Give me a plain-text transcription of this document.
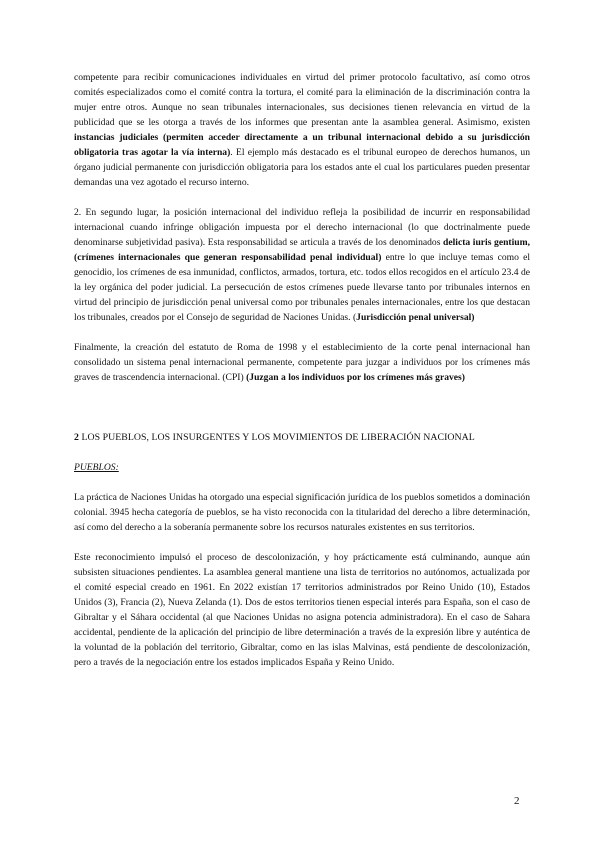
competente para recibir comunicaciones individuales en virtud del primer protocolo facultativo, así como otros comités especializados como el comité contra la tortura, el comité para la eliminación de la discriminación contra la mujer entre otros. Aunque no sean tribunales internacionales, sus decisiones tienen relevancia en virtud de la publicidad que se les otorga a través de los informes que presentan ante la asamblea general. Asimismo, existen instancias judiciales (permiten acceder directamente a un tribunal internacional debido a su jurisdicción obligatoria tras agotar la vía interna). El ejemplo más destacado es el tribunal europeo de derechos humanos, un órgano judicial permanente con jurisdicción obligatoria para los estados ante el cual los particulares pueden presentar demandas una vez agotado el recurso interno.

2. En segundo lugar, la posición internacional del individuo refleja la posibilidad de incurrir en responsabilidad internacional cuando infringe obligación impuesta por el derecho internacional (lo que doctrinalmente puede denominarse subjetividad pasiva). Esta responsabilidad se articula a través de los denominados delicta iuris gentium, (crímenes internacionales que generan responsabilidad penal individual) entre lo que incluye temas como el genocidio, los crímenes de esa inmunidad, conflictos, armados, tortura, etc. todos ellos recogidos en el artículo 23.4 de la ley orgánica del poder judicial. La persecución de estos crímenes puede llevarse tanto por tribunales internos en virtud del principio de jurisdicción penal universal como por tribunales penales internacionales, entre los que destacan los tribunales, creados por el Consejo de seguridad de Naciones Unidas. (Jurisdicción penal universal)

Finalmente, la creación del estatuto de Roma de 1998 y el establecimiento de la corte penal internacional han consolidado un sistema penal internacional permanente, competente para juzgar a individuos por los crímenes más graves de trascendencia internacional. (CPI) (Juzgan a los individuos por los crímenes más graves)

2 LOS PUEBLOS, LOS INSURGENTES Y LOS MOVIMIENTOS DE LIBERACIÓN NACIONAL

PUEBLOS:

La práctica de Naciones Unidas ha otorgado una especial significación jurídica de los pueblos sometidos a dominación colonial. 3945 hecha categoría de pueblos, se ha visto reconocida con la titularidad del derecho a libre determinación, así como del derecho a la soberanía permanente sobre los recursos naturales existentes en sus territorios.

Este reconocimiento impulsó el proceso de descolonización, y hoy prácticamente está culminando, aunque aún subsisten situaciones pendientes. La asamblea general mantiene una lista de territorios no autónomos, actualizada por el comité especial creado en 1961. En 2022 existían 17 territorios administrados por Reino Unido (10), Estados Unidos (3), Francia (2), Nueva Zelanda (1). Dos de estos territorios tienen especial interés para España, son el caso de Gibraltar y el Sáhara occidental (al que Naciones Unidas no asigna potencia administradora). En el caso de Sahara accidental, pendiente de la aplicación del principio de libre determinación a través de la expresión libre y auténtica de la voluntad de la población del territorio, Gibraltar, como en las islas Malvinas, está pendiente de descolonización, pero a través de la negociación entre los estados implicados España y Reino Unido.

2
